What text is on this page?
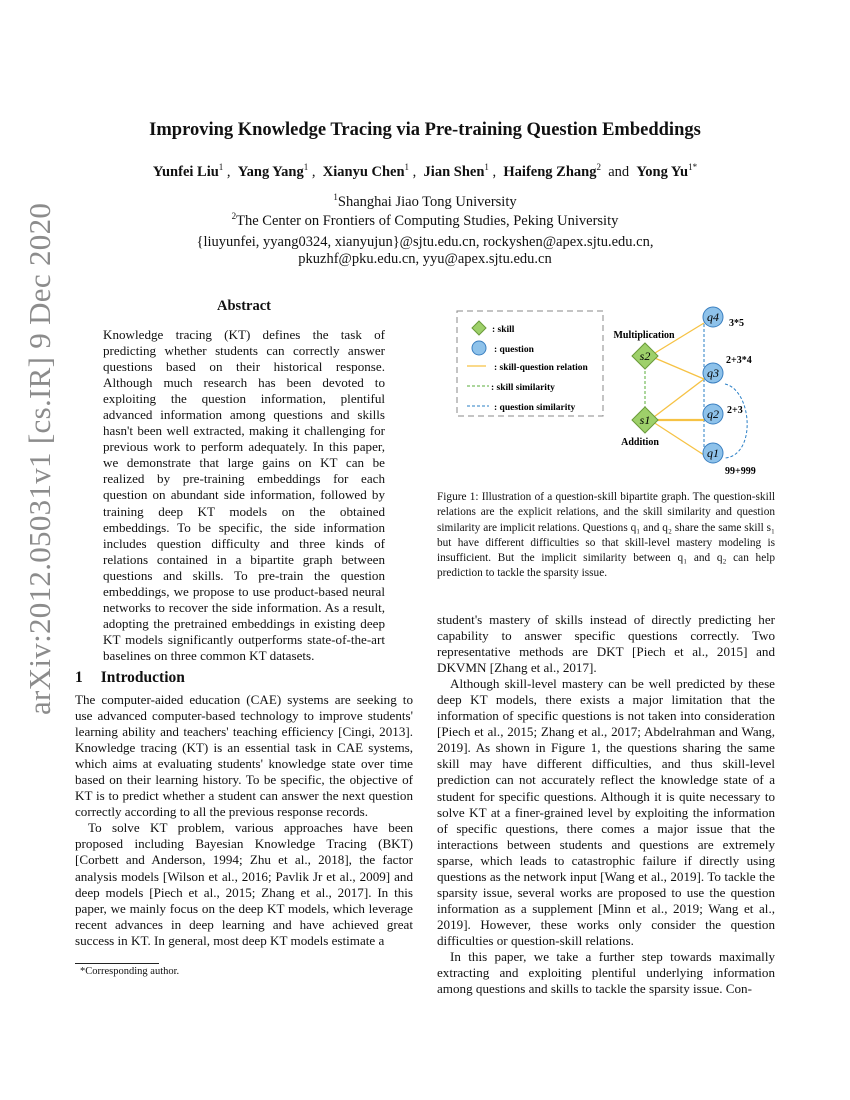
arXiv:2012.05031v1 [cs.IR] 9 Dec 2020
Improving Knowledge Tracing via Pre-training Question Embeddings
Yunfei Liu$^1$ ,  Yang Yang$^1$ ,  Xianyu Chen$^1$ ,  Jian Shen$^1$ ,  Haifeng Zhang$^2$ and Yong $Yu^{1*}$
$^1$Shanghai Jiao Tong University
$^2$The Center on Frontiers of Computing Studies, Peking University
{liuyunfei, yyang0324, xianyujun}@sjtu.edu.cn, rockyshen@apex.sjtu.edu.cn,
pkuzhf@pku.edu.cn, yyu@apex.sjtu.edu.cn
Abstract

Knowledge tracing (KT) defines the task of predicting whether students can correctly answer questions based on their historical response. Although much research has been devoted to exploiting the question information, plentiful advanced information among questions and skills hasn't been well extracted, making it challenging for previous work to perform adequately. In this paper, we demonstrate that large gains on KT can be realized by pre-training embeddings for each question on abundant side information, followed by training deep KT models on the obtained embeddings. To be specific, the side information includes question difficulty and three kinds of relations contained in a bipartite graph between questions and skills. To pre-train the question embeddings, we propose to use product-based neural networks to recover the side information. As a result, adopting the pretrained embeddings in existing deep KT models significantly outperforms state-of-the-art baselines on three common KT datasets.

1 Introduction

The computer-aided education (CAE) systems are seeking to use advanced computer-based technology to improve students' learning ability and teachers' teaching efficiency [Cingi, 2013]. Knowledge tracing (KT) is an essential task in CAE systems, which aims at evaluating students' knowledge state over time based on their learning history. To be specific, the objective of KT is to predict whether a student can answer the next question correctly according to all the previous response records.

To solve KT problem, various approaches have been proposed including Bayesian Knowledge Tracing (BKT) [Corbett and Anderson, 1994; Zhu et al., 2018], the factor analysis models [Wilson et al., 2016; Pavlik Jr et al., 2009] and deep models [Piech et al., 2015; Zhang et al., 2017]. In this paper, we mainly focus on the deep KT models, which leverage recent advances in deep learning and have achieved great success in KT. In general, most deep KT models estimate a

*Corresponding author.
: skill
: question
: skill-question relation
: skill similarity
: question similarity
s2
Multiplication
s1
Addition
q4 3*5
q3
2+3*4
q2 2+3
q1
99+999

Figure 1: Illustration of a question-skill bipartite graph. The question-skill relations are the explicit relations, and the skill similarity and question similarity are implicit relations. Questions q₁ and q₂ share the same skill s₁ but have different difficulties so that skill-level mastery modeling is insufficient. But the implicit similarity between q₁ and q₂ can help prediction to tackle the sparsity issue.

student's mastery of skills instead of directly predicting her capability to answer specific questions correctly. Two representative methods are DKT [Piech et al., 2015] and DKVMN [Zhang et al., 2017].

Although skill-level mastery can be well predicted by these deep KT models, there exists a major limitation that the information of specific questions is not taken into consideration [Piech et al., 2015; Zhang et al., 2017; Abdelrahman and Wang, 2019]. As shown in Figure 1, the questions sharing the same skill may have different difficulties, and thus skill-level prediction can not accurately reflect the knowledge state of a student for specific questions. Although it is quite necessary to solve KT at a finer-grained level by exploiting the information of specific questions, there comes a major issue that the interactions between students and questions are extremely sparse, which leads to catastrophic failure if directly using questions as the network input [Wang et al., 2019]. To tackle the sparsity issue, several works are proposed to use the question information as a supplement [Minn et al., 2019; Wang et al., 2019]. However, these works only consider the question difficulties or question-skill relations.

In this paper, we take a further step towards maximally extracting and exploiting plentiful underlying information among questions and skills to tackle the sparsity issue. Con-
